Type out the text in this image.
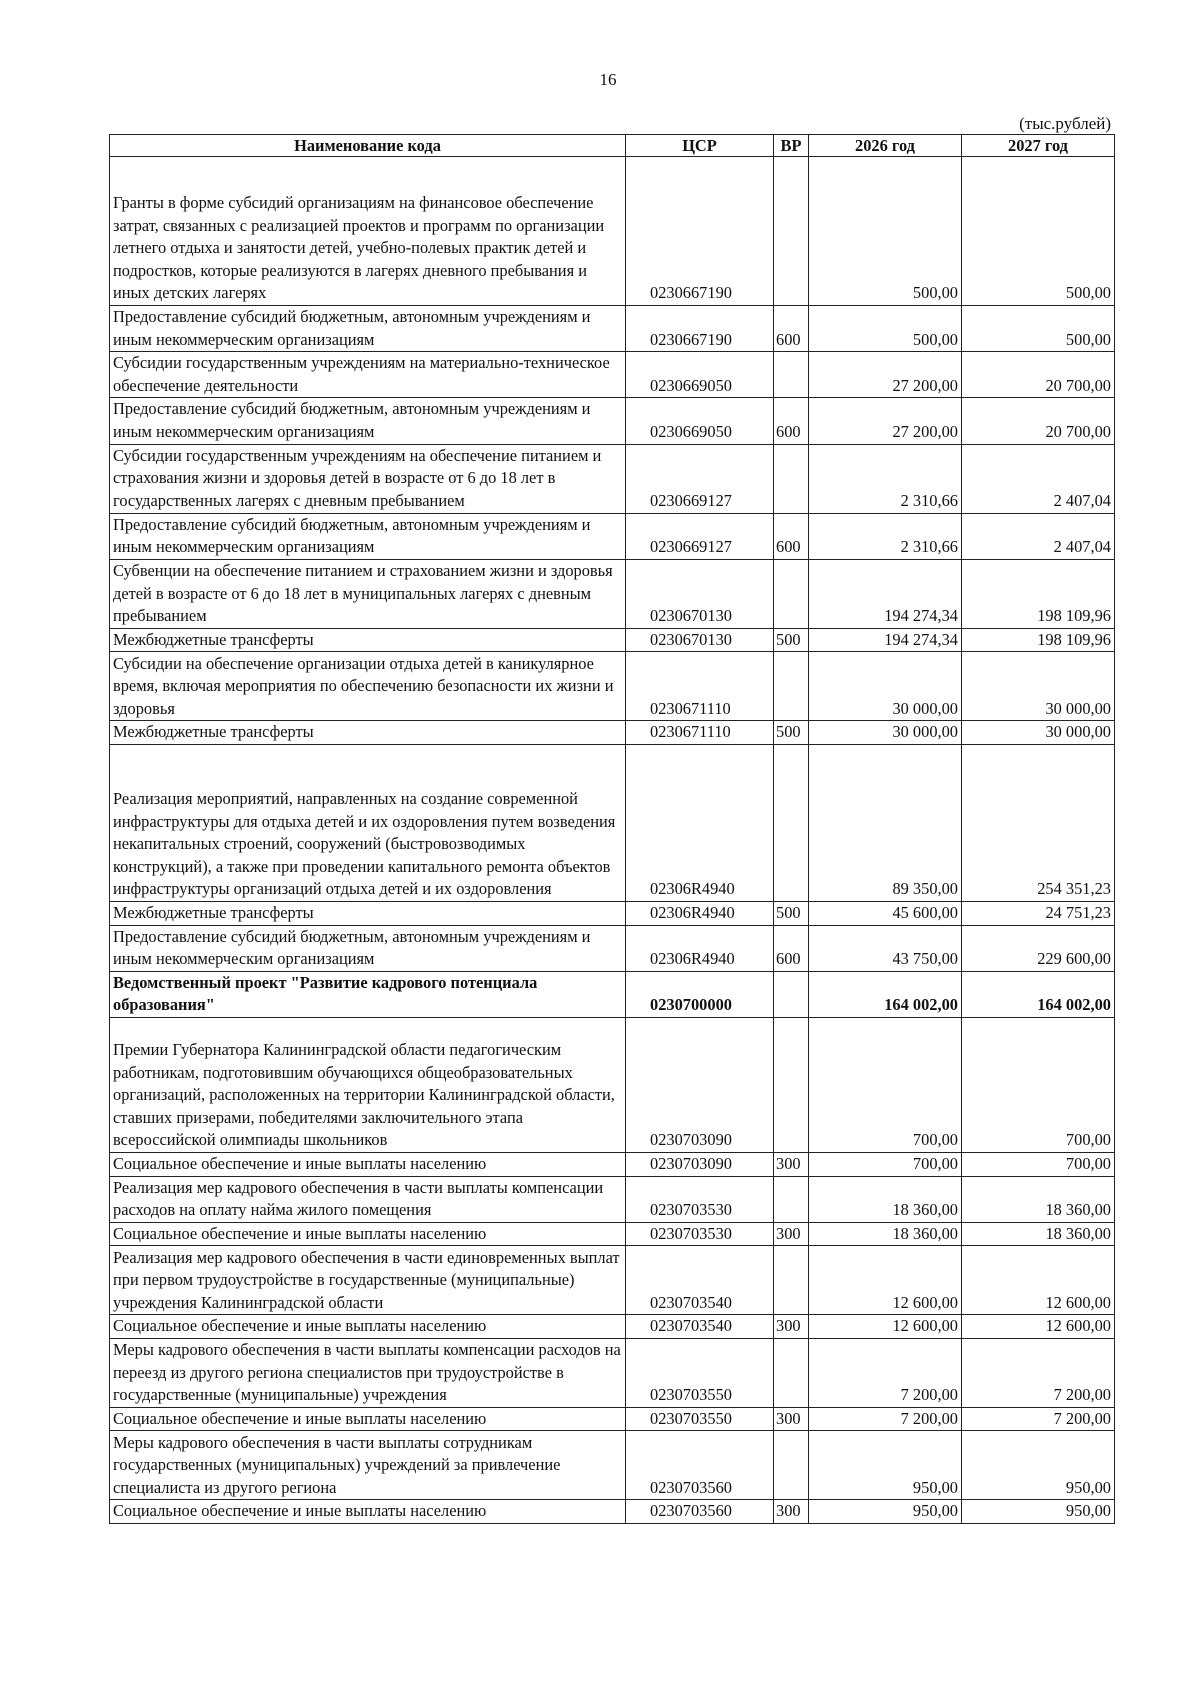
16
(тыс.рублей)
Наименование кода	ЦСР	ВР	2026 год	2027 год
Гранты в форме субсидий организациям на финансовое обеспечение затрат, связанных с реализацией проектов и программ по организации летнего отдыха и занятости детей, учебно-полевых практик детей и подростков, которые реализуются в лагерях дневного пребывания и иных детских лагерях	0230667190		500,00	500,00
Предоставление субсидий бюджетным, автономным учреждениям и иным некоммерческим организациям	0230667190	600	500,00	500,00
Субсидии государственным учреждениям на материально-техническое обеспечение деятельности	0230669050		27 200,00	20 700,00
Предоставление субсидий бюджетным, автономным учреждениям и иным некоммерческим организациям	0230669050	600	27 200,00	20 700,00
Субсидии государственным учреждениям на обеспечение питанием и страхования жизни и здоровья детей в возрасте от 6 до 18 лет в государственных лагерях с дневным пребыванием	0230669127		2 310,66	2 407,04
Предоставление субсидий бюджетным, автономным учреждениям и иным некоммерческим организациям	0230669127	600	2 310,66	2 407,04
Субвенции на обеспечение питанием и страхованием жизни и здоровья детей в возрасте от 6 до 18 лет в муниципальных лагерях с дневным пребыванием	0230670130		194 274,34	198 109,96
Межбюджетные трансферты	0230670130	500	194 274,34	198 109,96
Субсидии на обеспечение организации отдыха детей в каникулярное время, включая мероприятия по обеспечению безопасности их жизни и здоровья	0230671110		30 000,00	30 000,00
Межбюджетные трансферты	0230671110	500	30 000,00	30 000,00
Реализация мероприятий, направленных на создание современной инфраструктуры для отдыха детей и их оздоровления путем возведения некапитальных строений, сооружений (быстровозводимых конструкций), а также при проведении капитального ремонта объектов инфраструктуры организаций отдыха детей и их оздоровления	02306R4940		89 350,00	254 351,23
Межбюджетные трансферты	02306R4940	500	45 600,00	24 751,23
Предоставление субсидий бюджетным, автономным учреждениям и иным некоммерческим организациям	02306R4940	600	43 750,00	229 600,00
Ведомственный проект "Развитие кадрового потенциала образования"	0230700000		164 002,00	164 002,00
Премии Губернатора Калининградской области педагогическим работникам, подготовившим обучающихся общеобразовательных организаций, расположенных на территории Калининградской области, ставших призерами, победителями заключительного этапа всероссийской олимпиады школьников	0230703090		700,00	700,00
Социальное обеспечение и иные выплаты населению	0230703090	300	700,00	700,00
Реализация мер кадрового обеспечения в части выплаты компенсации расходов на оплату найма жилого помещения	0230703530		18 360,00	18 360,00
Социальное обеспечение и иные выплаты населению	0230703530	300	18 360,00	18 360,00
Реализация мер кадрового обеспечения в части единовременных выплат при первом трудоустройстве в государственные (муниципальные) учреждения Калининградской области	0230703540		12 600,00	12 600,00
Социальное обеспечение и иные выплаты населению	0230703540	300	12 600,00	12 600,00
Меры кадрового обеспечения в части выплаты компенсации расходов на переезд из другого региона специалистов при трудоустройстве в государственные (муниципальные) учреждения	0230703550		7 200,00	7 200,00
Социальное обеспечение и иные выплаты населению	0230703550	300	7 200,00	7 200,00
Меры кадрового обеспечения в части выплаты сотрудникам государственных (муниципальных) учреждений за привлечение специалиста из другого региона	0230703560		950,00	950,00
Социальное обеспечение и иные выплаты населению	0230703560	300	950,00	950,00
